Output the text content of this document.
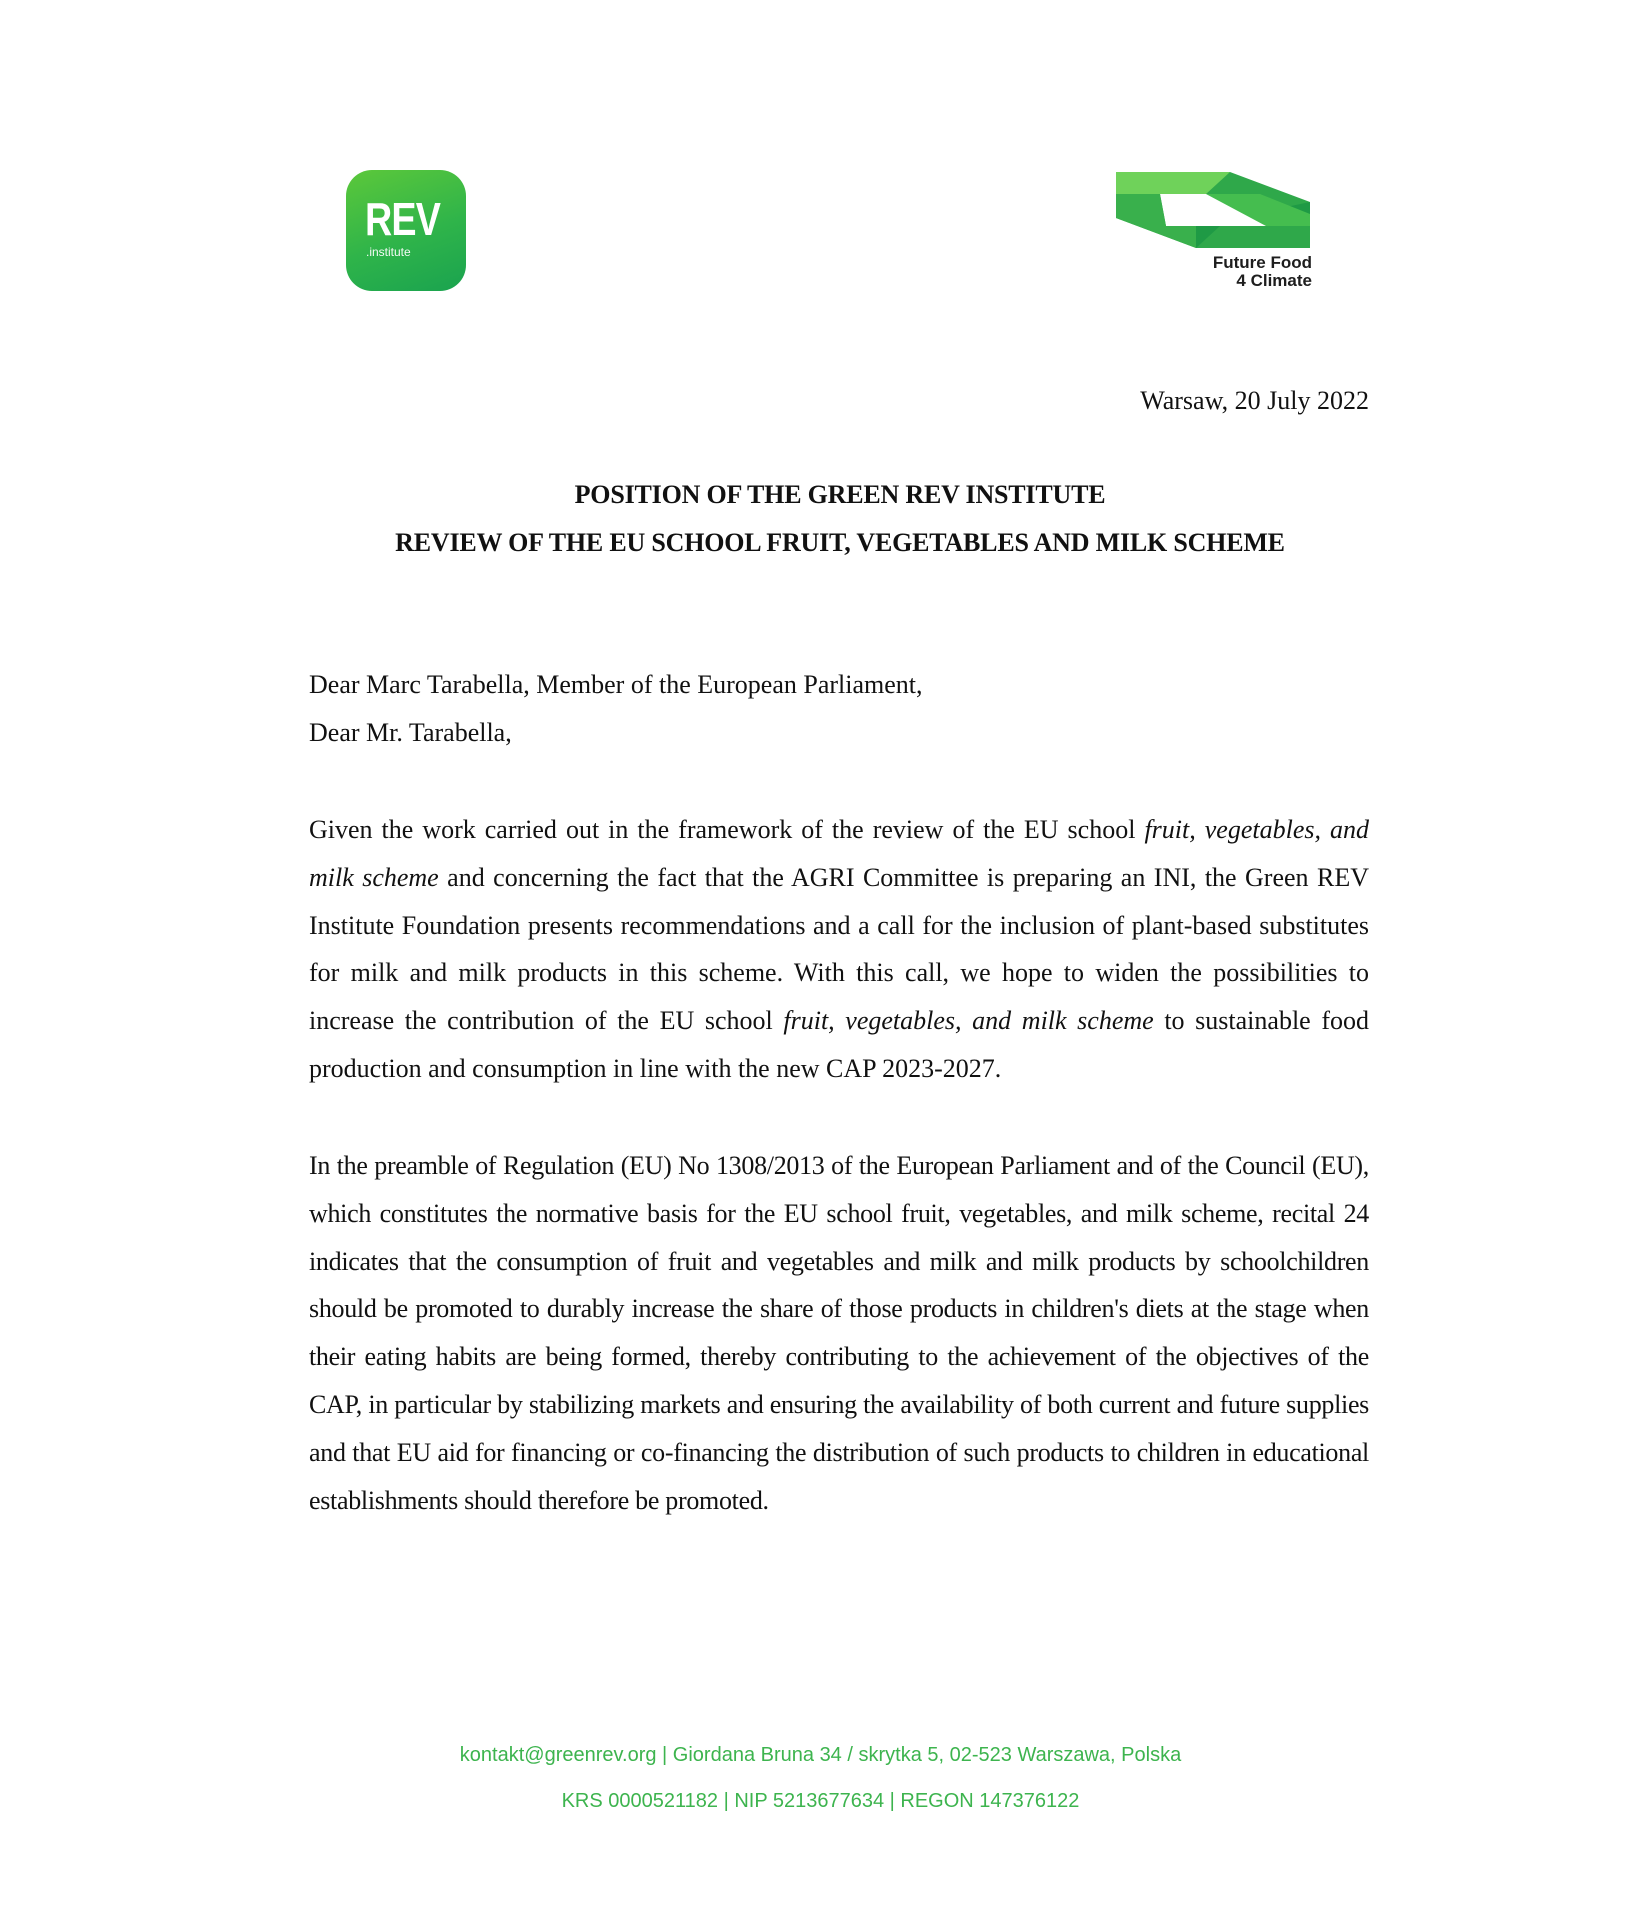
REV
.institute
Future Food
4 Climate
Warsaw, 20 July 2022
POSITION OF THE GREEN REV INSTITUTE
REVIEW OF THE EU SCHOOL FRUIT, VEGETABLES AND MILK SCHEME
Dear Marc Tarabella, Member of the European Parliament,
Dear Mr. Tarabella,

Given the work carried out in the framework of the review of the EU school fruit, vegetables, and milk scheme and concerning the fact that the AGRI Committee is preparing an INI, the Green REV Institute Foundation presents recommendations and a call for the inclusion of plant-based substitutes for milk and milk products in this scheme. With this call, we hope to widen the possibilities to increase the contribution of the EU school fruit, vegetables, and milk scheme to sustainable food production and consumption in line with the new CAP 2023-2027.

In the preamble of Regulation (EU) No 1308/2013 of the European Parliament and of the Council (EU), which constitutes the normative basis for the EU school fruit, vegetables, and milk scheme, recital 24 indicates that the consumption of fruit and vegetables and milk and milk products by schoolchildren should be promoted to durably increase the share of those products in children's diets at the stage when their eating habits are being formed, thereby contributing to the achievement of the objectives of the CAP, in particular by stabilizing markets and ensuring the availability of both current and future supplies and that EU aid for financing or co-financing the distribution of such products to children in educational establishments should therefore be promoted.

kontakt@greenrev.org | Giordana Bruna 34 / skrytka 5, 02-523 Warszawa, Polska
KRS 0000521182 | NIP 5213677634 | REGON 147376122
